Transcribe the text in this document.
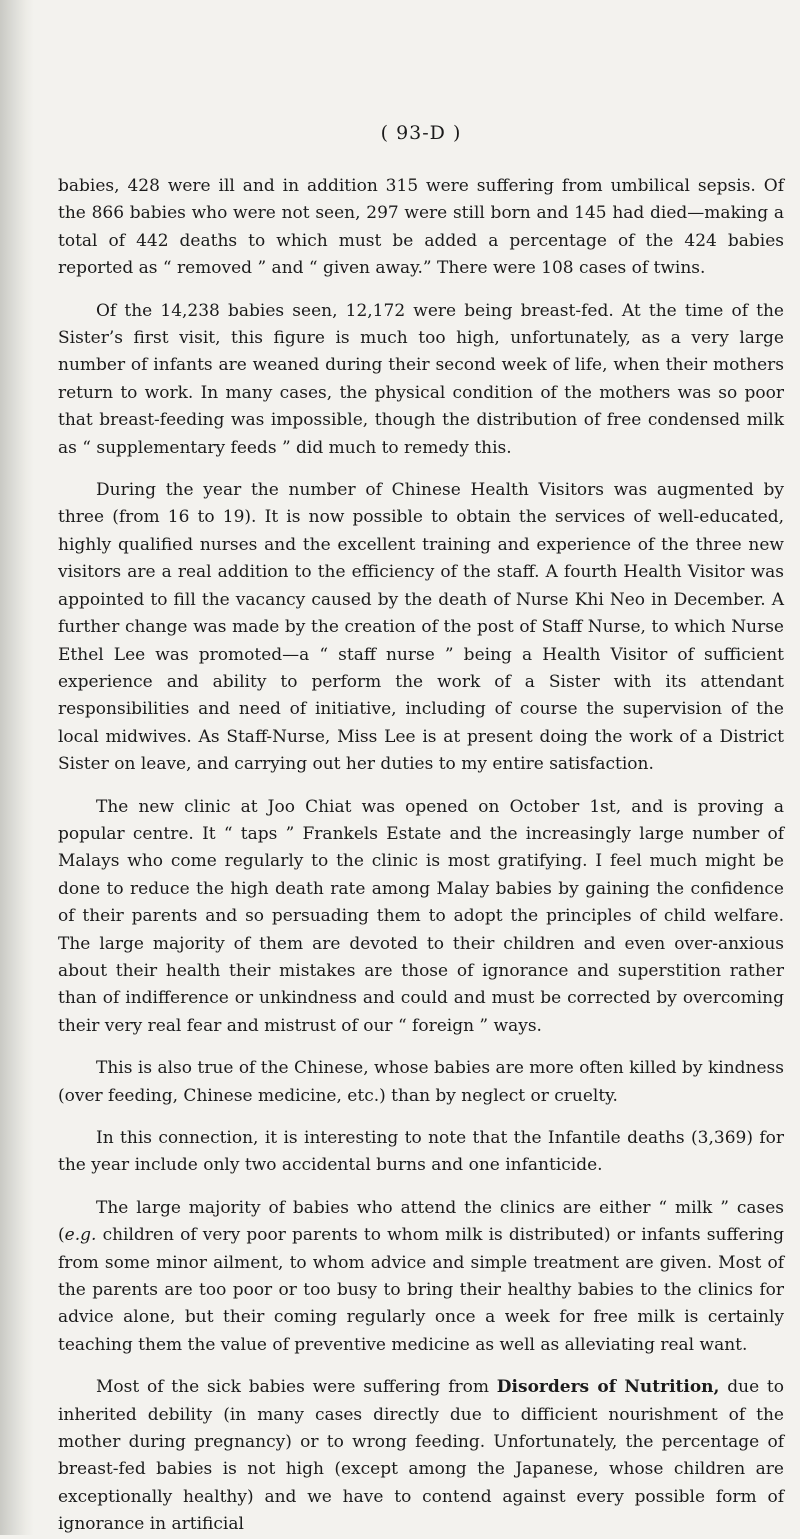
( 93-D )

babies, 428 were ill and in addition 315 were suffering from umbilical sepsis. Of the 866 babies who were not seen, 297 were still born and 145 had died—making a total of 442 deaths to which must be added a percentage of the 424 babies reported as “ removed ” and “ given away.” There were 108 cases of twins.

Of the 14,238 babies seen, 12,172 were being breast-fed. At the time of the Sister’s first visit, this figure is much too high, unfortunately, as a very large number of infants are weaned during their second week of life, when their mothers return to work. In many cases, the physical condition of the mothers was so poor that breast-feeding was impossible, though the distribution of free condensed milk as “ supplementary feeds ” did much to remedy this.

During the year the number of Chinese Health Visitors was augmented by three (from 16 to 19). It is now possible to obtain the services of well-educated, highly qualified nurses and the excellent training and experience of the three new visitors are a real addition to the efficiency of the staff. A fourth Health Visitor was appointed to fill the vacancy caused by the death of Nurse Khi Neo in December. A further change was made by the creation of the post of Staff Nurse, to which Nurse Ethel Lee was promoted—a “ staff nurse ” being a Health Visitor of sufficient experience and ability to perform the work of a Sister with its attendant responsibilities and need of initiative, including of course the supervision of the local midwives. As Staff-Nurse, Miss Lee is at present doing the work of a District Sister on leave, and carrying out her duties to my entire satisfaction.

The new clinic at Joo Chiat was opened on October 1st, and is proving a popular centre. It “ taps ” Frankels Estate and the increasingly large number of Malays who come regularly to the clinic is most gratifying. I feel much might be done to reduce the high death rate among Malay babies by gaining the confidence of their parents and so persuading them to adopt the principles of child welfare. The large majority of them are devoted to their children and even over-anxious about their health their mistakes are those of ignorance and superstition rather than of indifference or unkindness and could and must be corrected by overcoming their very real fear and mistrust of our “ foreign ” ways.

This is also true of the Chinese, whose babies are more often killed by kindness (over feeding, Chinese medicine, etc.) than by neglect or cruelty.

In this connection, it is interesting to note that the Infantile deaths (3,369) for the year include only two accidental burns and one infanticide.

The large majority of babies who attend the clinics are either “ milk ” cases (e.g. children of very poor parents to whom milk is distributed) or infants suffering from some minor ailment, to whom advice and simple treatment are given. Most of the parents are too poor or too busy to bring their healthy babies to the clinics for advice alone, but their coming regularly once a week for free milk is certainly teaching them the value of preventive medicine as well as alleviating real want.

Most of the sick babies were suffering from Disorders of Nutrition, due to inherited debility (in many cases directly due to difficient nourishment of the mother during pregnancy) or to wrong feeding. Unfortunately, the percentage of breast-fed babies is not high (except among the Japanese, whose children are exceptionally healthy) and we have to contend against every possible form of ignorance in artificial
